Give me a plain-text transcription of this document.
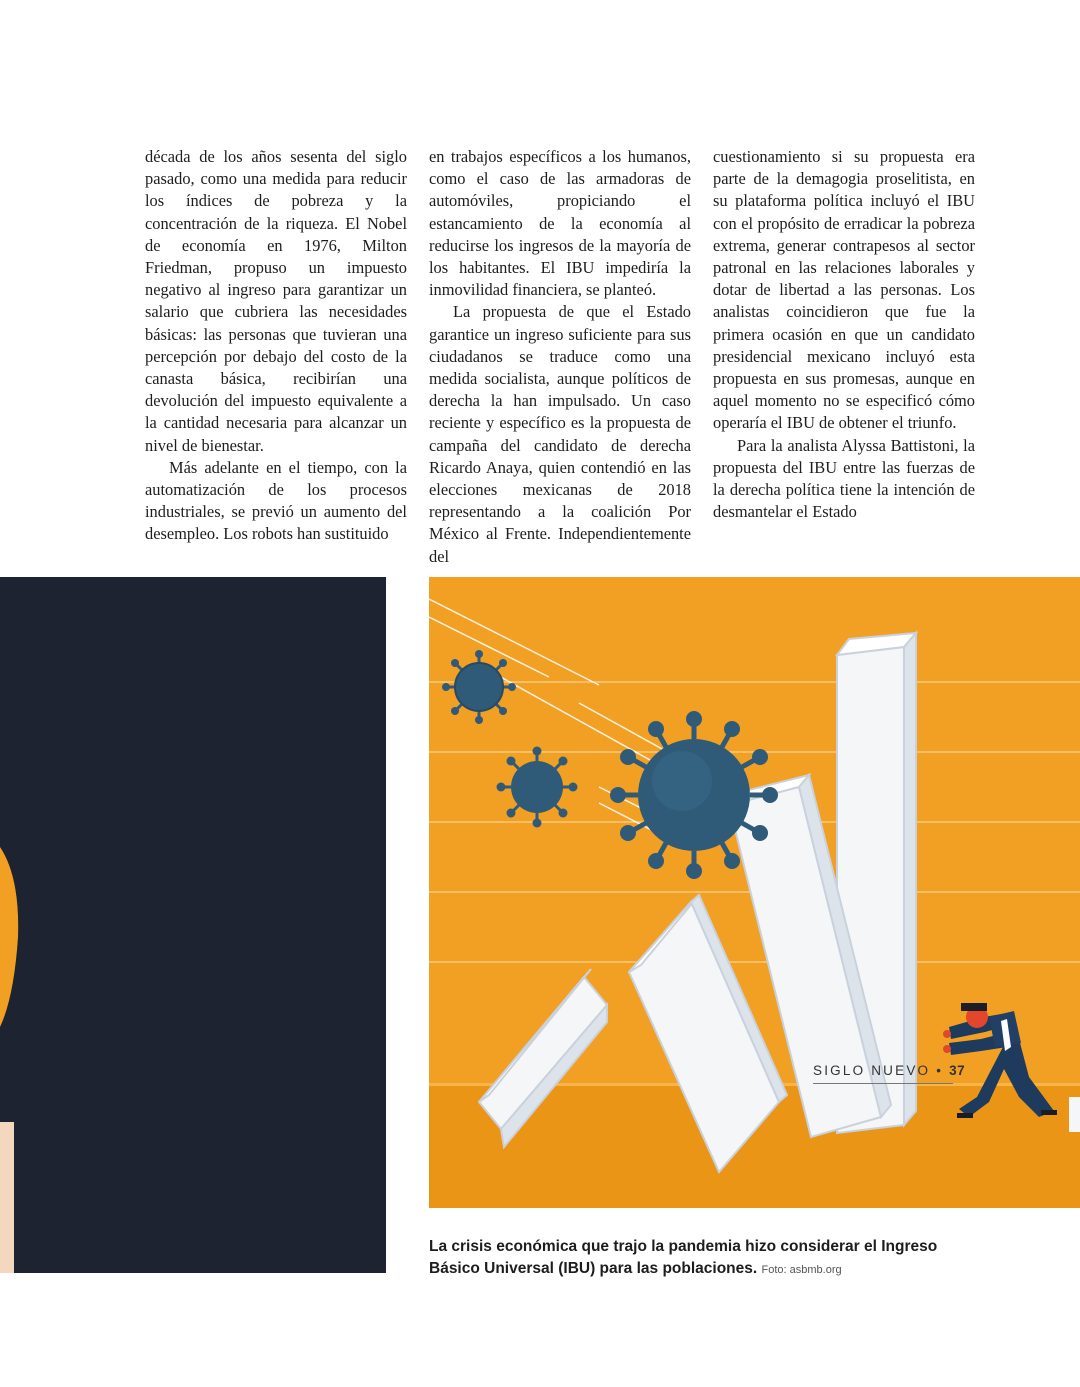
década de los años sesenta del siglo pasado, como una medida para reducir los índices de pobreza y la concentración de la riqueza. El Nobel de economía en 1976, Milton Friedman, propuso un impuesto negativo al ingreso para garantizar un salario que cubriera las necesidades básicas: las personas que tuvieran una percepción por debajo del costo de la canasta básica, recibirían una devolución del impuesto equivalente a la cantidad necesaria para alcanzar un nivel de bienestar.

Más adelante en el tiempo, con la automatización de los procesos industriales, se previó un aumento del desempleo. Los robots han sustituido

en trabajos específicos a los humanos, como el caso de las armadoras de automóviles, propiciando el estancamiento de la economía al reducirse los ingresos de la mayoría de los habitantes. El IBU impediría la inmovilidad financiera, se planteó.

La propuesta de que el Estado garantice un ingreso suficiente para sus ciudadanos se traduce como una medida socialista, aunque políticos de derecha la han impulsado. Un caso reciente y específico es la propuesta de campaña del candidato de derecha Ricardo Anaya, quien contendió en las elecciones mexicanas de 2018 representando a la coalición Por México al Frente. Independientemente del

cuestionamiento si su propuesta era parte de la demagogia proselitista, en su plataforma política incluyó el IBU con el propósito de erradicar la pobreza extrema, generar contrapesos al sector patronal en las relaciones laborales y dotar de libertad a las personas. Los analistas coincidieron que fue la primera ocasión en que un candidato presidencial mexicano incluyó esta propuesta en sus promesas, aunque en aquel momento no se especificó cómo operaría el IBU de obtener el triunfo.

Para la analista Alyssa Battistoni, la propuesta del IBU entre las fuerzas de la derecha política tiene la intención de desmantelar el Estado

La crisis económica que trajo la pandemia hizo considerar el Ingreso Básico Universal (IBU) para las poblaciones. Foto: asbmb.org
SIGLO NUEVO • 37
